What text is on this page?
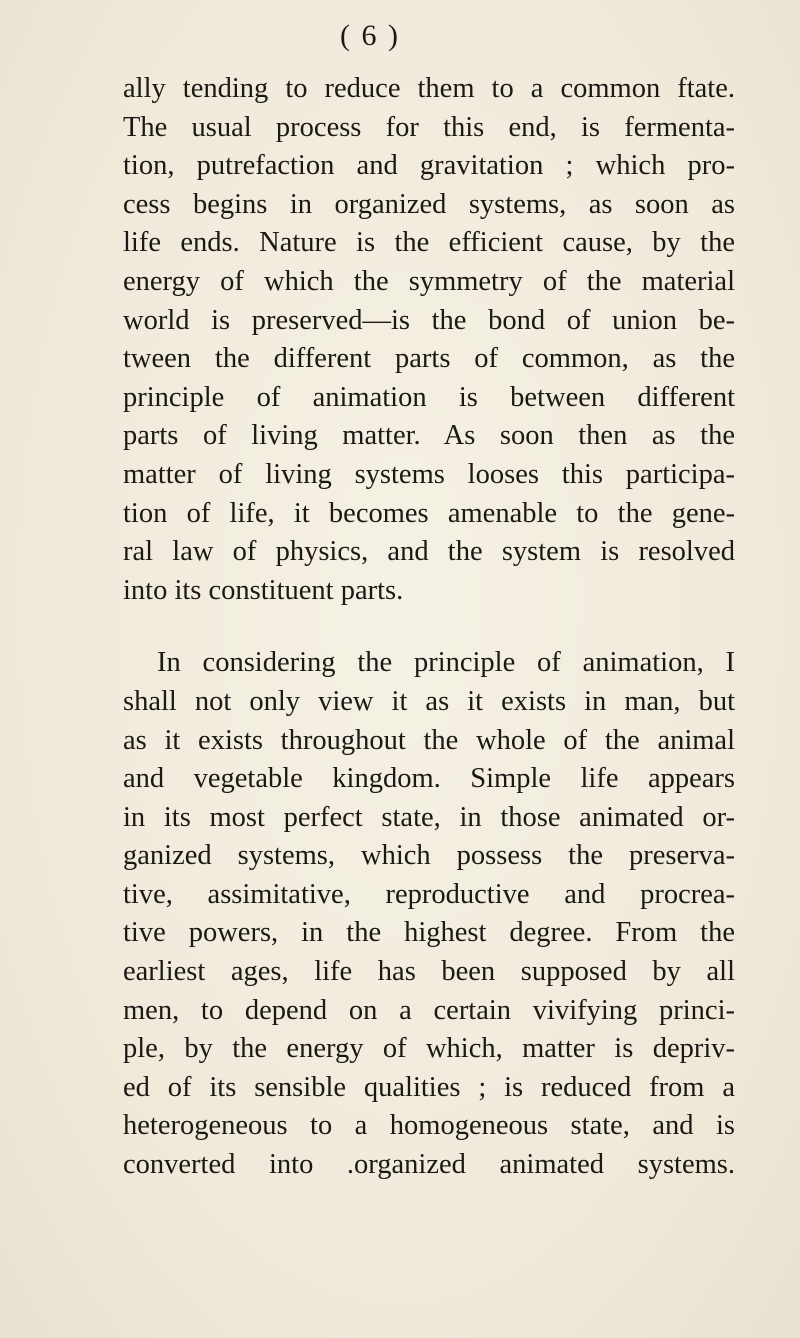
( 6 )
ally tending to reduce them to a common ftate.
The usual process for this end, is fermenta-
tion, putrefaction and gravitation ; which pro-
cess begins in organized systems, as soon as
life ends. Nature is the efficient cause, by the
energy of which the symmetry of the material
world is preserved—is the bond of union be-
tween the different parts of common, as the
principle of animation is between different
parts of living matter. As soon then as the
matter of living systems looses this participa-
tion of life, it becomes amenable to the gene-
ral law of physics, and the system is resolved
into its constituent parts.
In considering the principle of animation, I
shall not only view it as it exists in man, but
as it exists throughout the whole of the animal
and vegetable kingdom. Simple life appears
in its most perfect state, in those animated or-
ganized systems, which possess the preserva-
tive, assimitative, reproductive and procrea-
tive powers, in the highest degree. From the
earliest ages, life has been supposed by all
men, to depend on a certain vivifying princi-
ple, by the energy of which, matter is depriv-
ed of its sensible qualities ; is reduced from a
heterogeneous to a homogeneous state, and is
converted into .organized animated systems.
